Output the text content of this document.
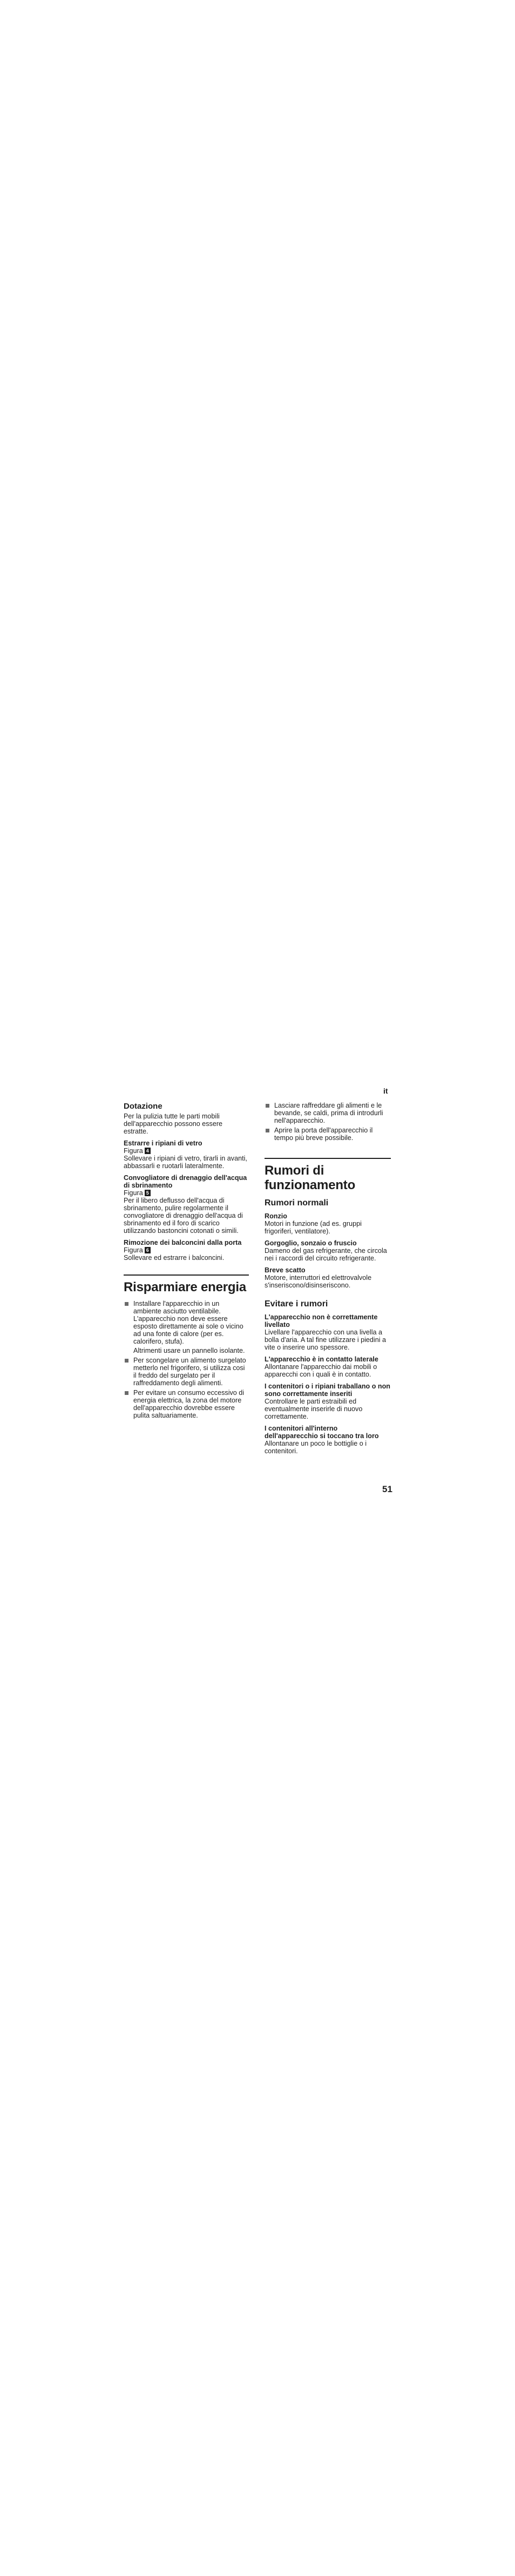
it
Dotazione

Per la pulizia tutte le parti mobili dell'apparecchio possono essere estratte.

Estrarre i ripiani di vetro
Figura 4

Sollevare i ripiani di vetro, tirarli in avanti, abbassarli e ruotarli lateralmente.

Convogliatore di drenaggio dell'acqua di sbrinamento
Figura 5

Per il libero deflusso dell'acqua di sbrinamento, pulire regolarmente il convogliatore di drenaggio dell'acqua di sbrinamento ed il foro di scarico utilizzando bastoncini cotonati o simili.

Rimozione dei balconcini dalla porta
Figura 6

Sollevare ed estrarre i balconcini.

Risparmiare energia
Installare l'apparecchio in un ambiente asciutto ventilabile. L'apparecchio non deve essere esposto direttamente ai sole o vicino ad una fonte di calore (per es. calorifero, stufa).

Altrimenti usare un pannello isolante.

Per scongelare un alimento surgelato metterlo nel frigorifero, si utilizza cosi il freddo del surgelato per il raffreddamento degli alimenti.
Per evitare un consumo eccessivo di energia elettrica, la zona del motore dell'apparecchio dovrebbe essere pulita saltuariamente.
Lasciare raffreddare gli alimenti e le bevande, se caldi, prima di introdurli nell'apparecchio.
Aprire la porta dell'apparecchio il tempo più breve possibile.
Rumori di funzionamento
Rumori normali
Ronzio

Motori in funzione (ad es. gruppi frigoriferi, ventilatore).

Gorgoglio, sonzaio o fruscio

Dameno del gas refrigerante, che circola nei i raccordi del circuito refrigerante.

Breve scatto

Motore, interruttori ed elettrovalvole s'inseriscono/disinseriscono.

Evitare i rumori
L'apparecchio non è correttamente livellato

Livellare l'apparecchio con una livella a bolla d'aria. A tal fine utilizzare i piedini a vite o inserire uno spessore.

L'apparecchio è in contatto laterale

Allontanare l'apparecchio dai mobili o apparecchi con i quali è in contatto.

I contenitori o i ripiani traballano o non sono correttamente inseriti

Controllare le parti estraibili ed eventualmente inserirle di nuovo correttamente.

I contenitori all'interno dell'apparecchio si toccano tra loro

Allontanare un poco le bottiglie o i contenitori.

51
